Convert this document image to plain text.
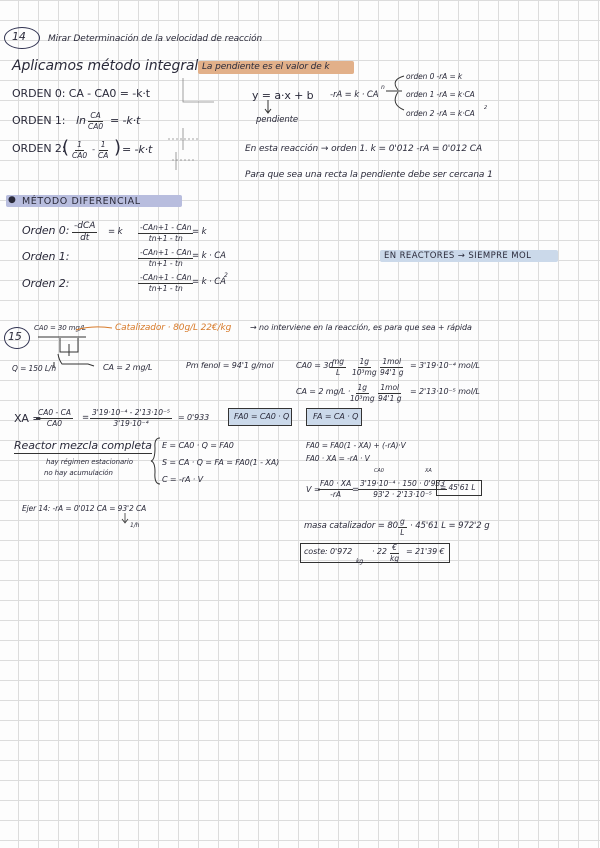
14 Mirar Determinación de la velocidad de reacción
Aplicamos método integral La pendiente es el valor de k
ORDEN 0: CA - CA0 = -k·t
ORDEN 1: $\ln \frac{CA}{CA0} = -k\cdot t$
ORDEN 2:
( $\frac{1}{CA0} - \frac{1}{CA}$ ) = -k·t
y = a·x + b
pendiente
-rA = k · CA
n
orden 0 -rA = k
orden 1 -rA = k·CA
orden 2 -rA = k·CA
2
En esta reacción → orden 1. k = 0'012 -rA = 0'012 CA
Para que sea una recta la pendiente debe ser cercana 1
● MÉTODO DIFERENCIAL
Orden 0: -dCA
dt
= k -CAn+1 - CAn
tn+1 - tn
= k
Orden 1:	-CAn+1 - CAn
tn+1 - tn
= k · CA
Orden 2:	-CAn+1 - CAn
tn+1 - tn
= k · CA
2
EN REACTORES → SIEMPRE MOL
15
CA0 = 30 mg/L	Catalizador · 80g/L 22€/kg → no interviene en la reacción, es para que sea + rápida
Q = 150 L/h	CA = 2 mg/L	Pm fenol = 94'1 g/mol	CA0 = 30
$\frac{mg}{L} \frac{1g}{\text{10³mg}} 1mol$
94'1 g
= 3'19·10⁻⁴ mol/L
CA = 2 $mg/L \cdot \frac{1g}{\text{10³mg}} 1mol$
94'1 g
= 2'13·10⁻⁵ mol/L
XA =
$\frac{CA0 - CA}{CA0} = \frac{\text{3'19·10⁻⁴ - 2'13·10⁻⁵}}{\text{3'19·10⁻⁴}} = 0'933$	FA0 = CA0 · Q	FA = CA · Q
Reactor mezcla completa
hay régimen estacionario
no hay acumulación
E = CA0 · Q = FA0
S = CA · Q = FA = FA0(1 - XA)
C = -rA · V
FA0 = FA0(1 - XA) + (-rA)·V
FA0 · XA = -rA · V
CA0	XA
V =
$\frac{FA0 \cdot XA}{-rA}$
=
$\frac{\text{3'19·10⁻⁴ · 150 · 0'933}}{\text{93'2 · 2'13·10⁻⁵}}$
= 45'61 L
Ejer 14: -rA = 0'012 CA = 93'2 CA
1/h	masa catalizador = $80 \frac{g}{L} \cdot 45'61$ L = 972'2 g
coste: 0'972
kg
· 22 €
kg
= 21'39 €
